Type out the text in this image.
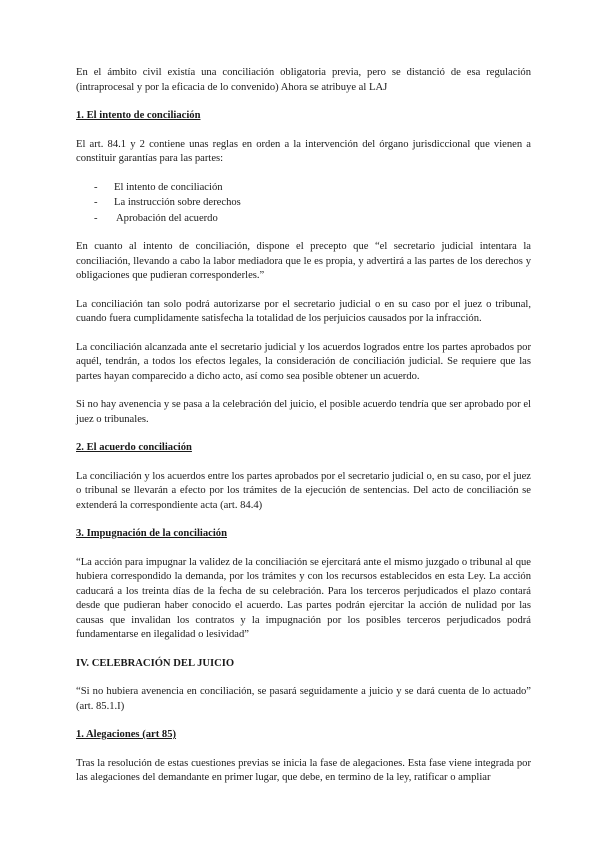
En el ámbito civil existía una conciliación obligatoria previa, pero se distanció de esa regulación (intraprocesal y por la eficacia de lo convenido) Ahora se atribuye al LAJ

1. El intento de conciliación

El art. 84.1 y 2 contiene unas reglas en orden a la intervención del órgano jurisdiccional que vienen a constituir garantías para las partes:

- El intento de conciliación
- La instrucción sobre derechos
- Aprobación del acuerdo

En cuanto al intento de conciliación, dispone el precepto que “el secretario judicial intentara la conciliación, llevando a cabo la labor mediadora que le es propia, y advertirá a las partes de los derechos y obligaciones que pudieran corresponderles.”

La conciliación tan solo podrá autorizarse por el secretario judicial o en su caso por el juez o tribunal, cuando fuera cumplidamente satisfecha la totalidad de los perjuicios causados por la infracción.

La conciliación alcanzada ante el secretario judicial y los acuerdos logrados entre los partes aprobados por aquél, tendrán, a todos los efectos legales, la consideración de conciliación judicial. Se requiere que las partes hayan comparecido a dicho acto, así como sea posible obtener un acuerdo.

Si no hay avenencia y se pasa a la celebración del juicio, el posible acuerdo tendría que ser aprobado por el juez o tribunales.

2. El acuerdo conciliación

La conciliación y los acuerdos entre los partes aprobados por el secretario judicial o, en su caso, por el juez o tribunal se llevarán a efecto por los trámites de la ejecución de sentencias. Del acto de conciliación se extenderá la correspondiente acta (art. 84.4)

3. Impugnación de la conciliación

“La acción para impugnar la validez de la conciliación se ejercitará ante el mismo juzgado o tribunal al que hubiera correspondido la demanda, por los trámites y con los recursos establecidos en esta Ley. La acción caducará a los treinta días de la fecha de su celebración. Para los terceros perjudicados el plazo contará desde que pudieran haber conocido el acuerdo. Las partes podrán ejercitar la acción de nulidad por las causas que invalidan los contratos y la impugnación por los posibles terceros perjudicados podrá fundamentarse en ilegalidad o lesividad”

IV. CELEBRACIÓN DEL JUICIO

“Si no hubiera avenencia en conciliación, se pasará seguidamente a juicio y se dará cuenta de lo actuado” (art. 85.1.I)

1. Alegaciones (art 85)

Tras la resolución de estas cuestiones previas se inicia la fase de alegaciones. Esta fase viene integrada por las alegaciones del demandante en primer lugar, que debe, en termino de la ley, ratificar o ampliar
